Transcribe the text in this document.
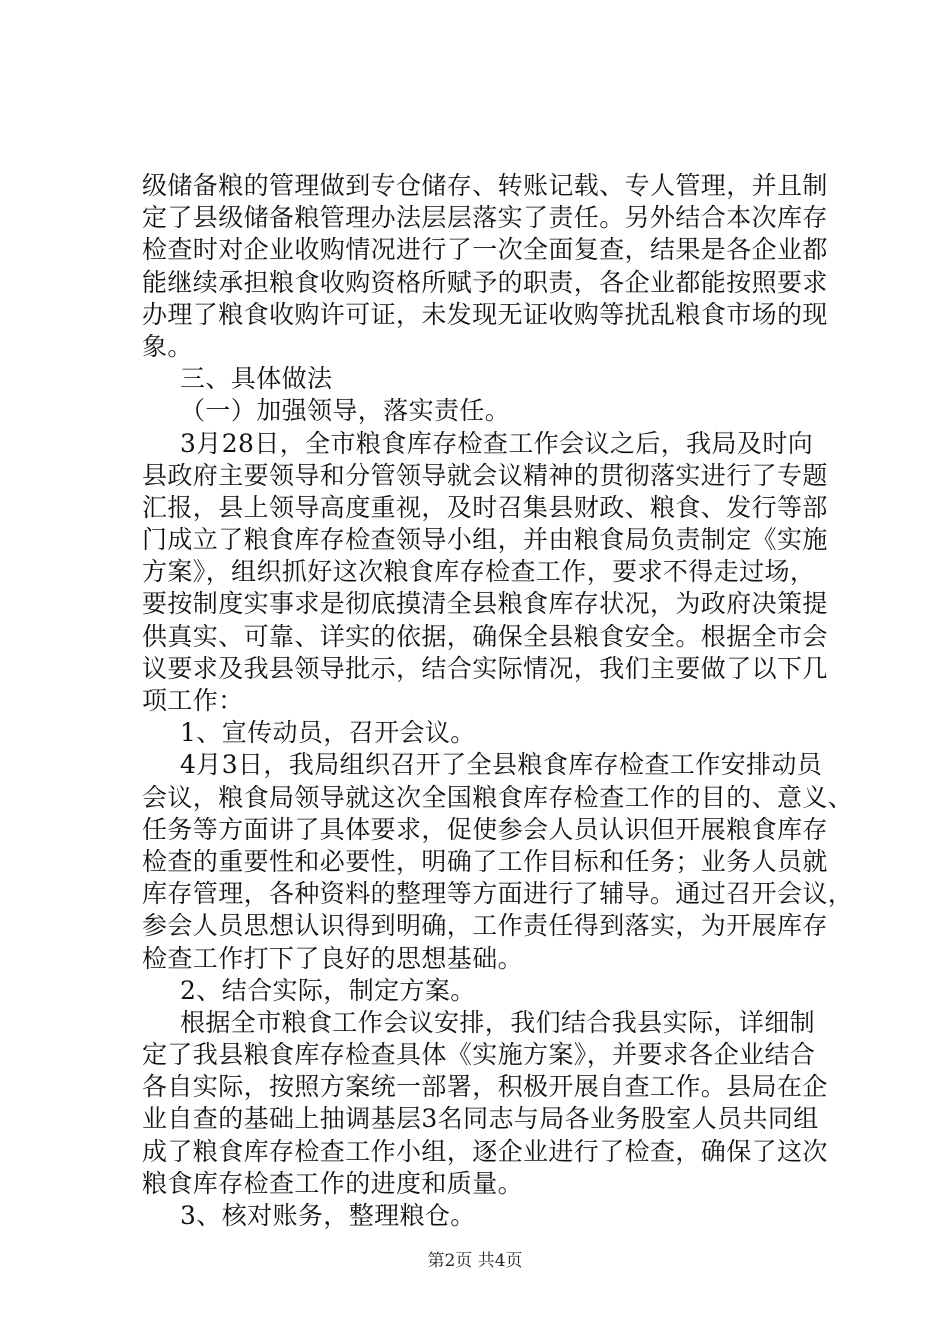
级储备粮的管理做到专仓储存、转账记载、专人管理，并且制
定了县级储备粮管理办法层层落实了责任。另外结合本次库存
检查时对企业收购情况进行了一次全面复查，结果是各企业都
能继续承担粮食收购资格所赋予的职责，各企业都能按照要求
办理了粮食收购许可证，未发现无证收购等扰乱粮食市场的现
象。
三、具体做法
（一）加强领导，落实责任。
3月28日，全市粮食库存检查工作会议之后，我局及时向
县政府主要领导和分管领导就会议精神的贯彻落实进行了专题
汇报，县上领导高度重视，及时召集县财政、粮食、发行等部
门成立了粮食库存检查领导小组，并由粮食局负责制定《实施
方案》，组织抓好这次粮食库存检查工作，要求不得走过场，
要按制度实事求是彻底摸清全县粮食库存状况，为政府决策提
供真实、可靠、详实的依据，确保全县粮食安全。根据全市会
议要求及我县领导批示，结合实际情况，我们主要做了以下几
项工作：
1、宣传动员，召开会议。
4月3日，我局组织召开了全县粮食库存检查工作安排动员
会议，粮食局领导就这次全国粮食库存检查工作的目的、意义、
任务等方面讲了具体要求，促使参会人员认识但开展粮食库存
检查的重要性和必要性，明确了工作目标和任务；业务人员就
库存管理，各种资料的整理等方面进行了辅导。通过召开会议，
参会人员思想认识得到明确，工作责任得到落实，为开展库存
检查工作打下了良好的思想基础。
2、结合实际，制定方案。
根据全市粮食工作会议安排，我们结合我县实际，详细制
定了我县粮食库存检查具体《实施方案》，并要求各企业结合
各自实际，按照方案统一部署，积极开展自查工作。县局在企
业自查的基础上抽调基层3名同志与局各业务股室人员共同组
成了粮食库存检查工作小组，逐企业进行了检查，确保了这次
粮食库存检查工作的进度和质量。
3、核对账务，整理粮仓。
第2页 共4页
